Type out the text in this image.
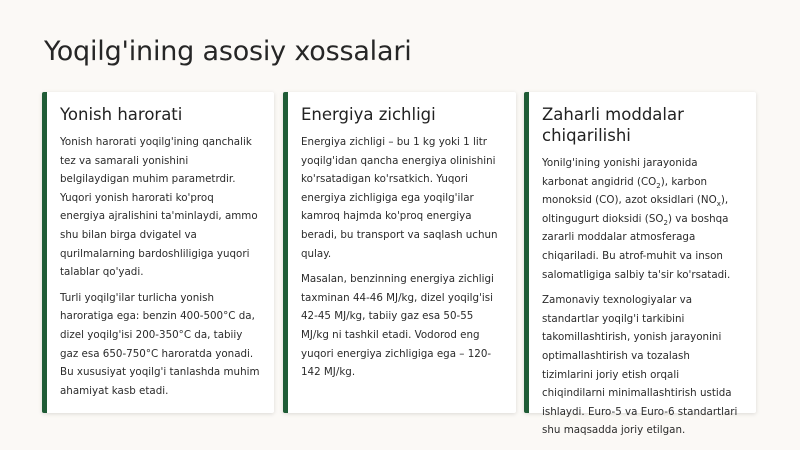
Yoqilg'ining asosiy xossalari
Yonish harorati

Yonish harorati yoqilg'ining qanchalik tez va samarali yonishini belgilaydigan muhim parametrdir. Yuqori yonish harorati ko'proq energiya ajralishini ta'minlaydi, ammo shu bilan birga dvigatel va qurilmalarning bardoshliligiga yuqori talablar qo'yadi.

Turli yoqilg'ilar turlicha yonish haroratiga ega: benzin 400-500°C da, dizel yoqilg'isi 200-350°C da, tabiiy gaz esa 650-750°C haroratda yonadi. Bu xususiyat yoqilg'i tanlashda muhim ahamiyat kasb etadi.

Energiya zichligi

Energiya zichligi – bu 1 kg yoki 1 litr yoqilg'idan qancha energiya olinishini ko'rsatadigan ko'rsatkich. Yuqori energiya zichligiga ega yoqilg'ilar kamroq hajmda ko'proq energiya beradi, bu transport va saqlash uchun qulay.

Masalan, benzinning energiya zichligi taxminan 44-46 MJ/kg, dizel yoqilg'isi 42-45 MJ/kg, tabiiy gaz esa 50-55 MJ/kg ni tashkil etadi. Vodorod eng yuqori energiya zichligiga ega – 120-142 MJ/kg.

Zaharli moddalar chiqarilishi

Yonilg'ining yonishi jarayonida karbonat angidrid $(CO_2)$, karbon monoksid (CO), azot oksidlari $(NO_x)$, oltingugurt dioksidi $(SO_2)$ va boshqa zararli moddalar atmosferaga chiqariladi. Bu atrof-muhit va inson salomatligiga salbiy ta'sir ko'rsatadi.

Zamonaviy texnologiyalar va standartlar yoqilg'i tarkibini takomillashtirish, yonish jarayonini optimallashtirish va tozalash tizimlarini joriy etish orqali chiqindilarni minimallashtirish ustida ishlaydi. Euro-5 va Euro-6 standartlari shu maqsadda joriy etilgan.
